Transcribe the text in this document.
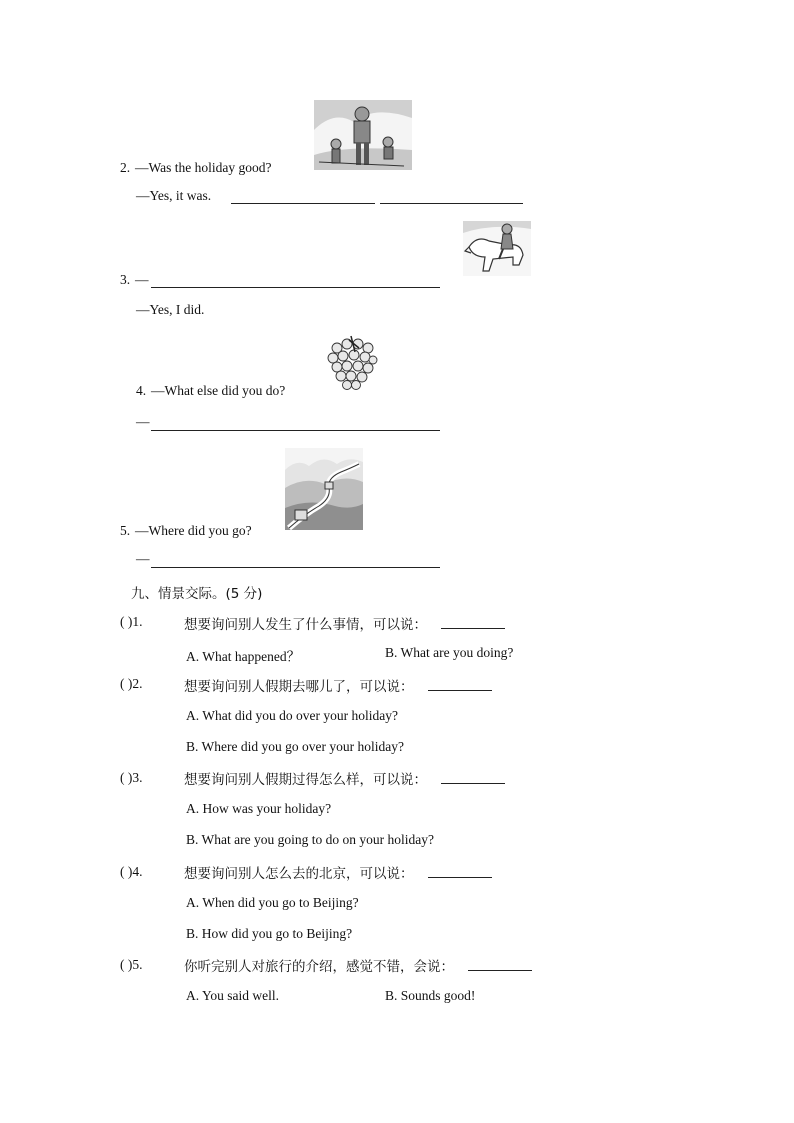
2. —Was the holiday good?
—Yes, it was.
3. —
—Yes, I did.
4. —What else did you do?
—
5. —Where did you go?
—
九、情景交际。(5 分)
( )1.	想要询问别人发生了什么事情，可以说：
A. What happened？	B. What are you doing?
( )2.	想要询问别人假期去哪儿了，可以说：
A. What did you do over your holiday?
B. Where did you go over your holiday?
( )3.	想要询问别人假期过得怎么样，可以说：
A. How was your holiday?
B. What are you going to do on your holiday?
( )4.	想要询问别人怎么去的北京，可以说：
A. When did you go to Beijing?
B. How did you go to Beijing?
( )5.	你听完别人对旅行的介绍，感觉不错，会说：
A. You said well.	B. Sounds good!
